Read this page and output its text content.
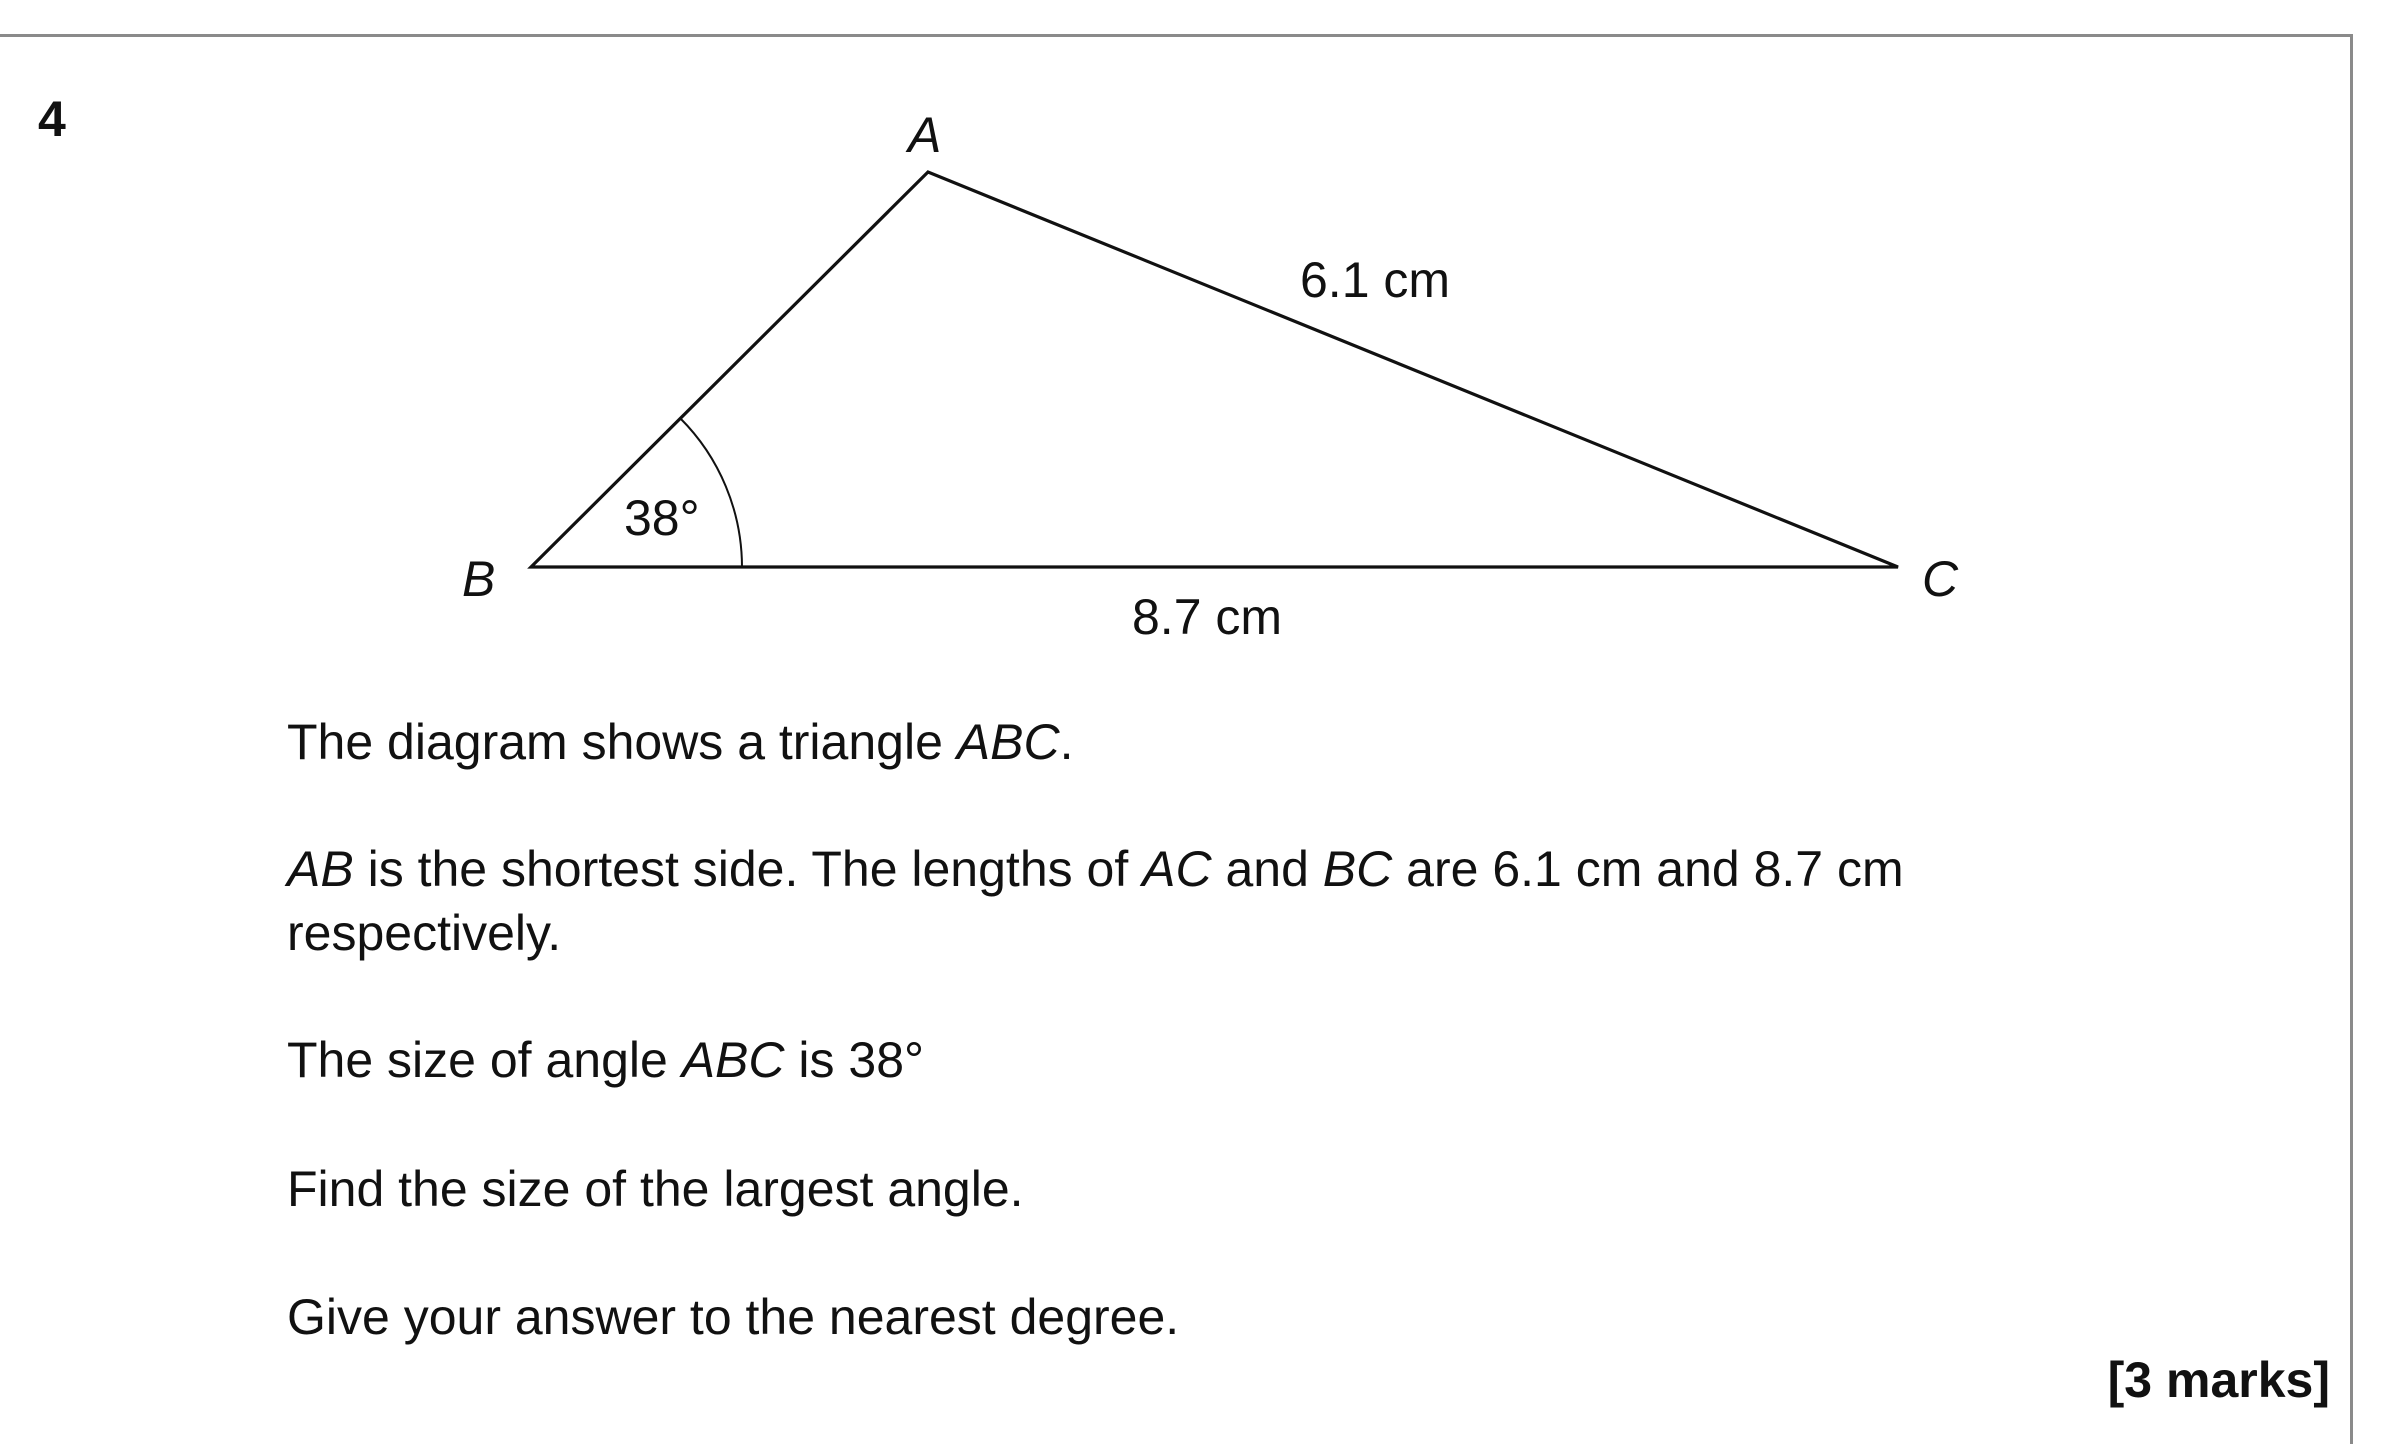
4	A
B	C
6.1 cm
8.7 cm
38°
The diagram shows a triangle ABC.
AB is the shortest side. The lengths of AC and BC are 6.1 cm and 8.7 cm respectively.
The size of angle ABC is 38°
Find the size of the largest angle.
Give your answer to the nearest degree.
[3 marks]
